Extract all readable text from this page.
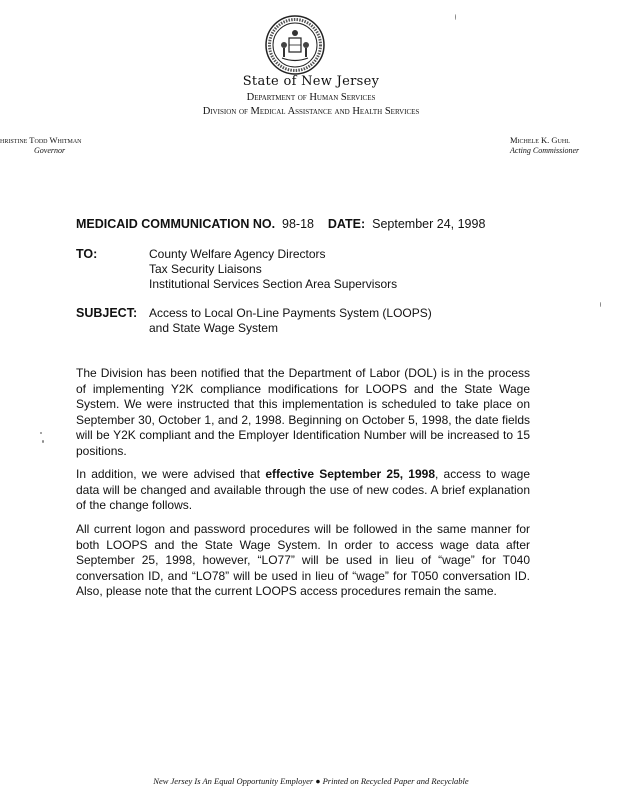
State of New Jersey
Department of Human Services
Division of Medical Assistance and Health Services
hristine Todd Whitman
Governor
Michele K. Guhl
Acting Commissioner
MEDICAID COMMUNICATION NO. 98-18 DATE: September 24, 1998
TO:	County Welfare Agency Directors
Tax Security Liaisons
Institutional Services Section Area Supervisors
SUBJECT: Access to Local On-Line Payments System (LOOPS)
and State Wage System
The Division has been notified that the Department of Labor (DOL) is in the process of implementing Y2K compliance modifications for LOOPS and the State Wage System. We were instructed that this implementation is scheduled to take place on September 30, October 1, and 2, 1998. Beginning on October 5, 1998, the date fields will be Y2K compliant and the Employer Identification Number will be increased to 15 positions.
In addition, we were advised that effective September 25, 1998, access to wage data will be changed and available through the use of new codes. A brief explanation of the change follows.
All current logon and password procedures will be followed in the same manner for both LOOPS and the State Wage System. In order to access wage data after September 25, 1998, however, “LO77” will be used in lieu of “wage” for T040 conversation ID, and “LO78” will be used in lieu of “wage” for T050 conversation ID. Also, please note that the current LOOPS access procedures remain the same.
New Jersey Is An Equal Opportunity Employer ● Printed on Recycled Paper and Recyclable
